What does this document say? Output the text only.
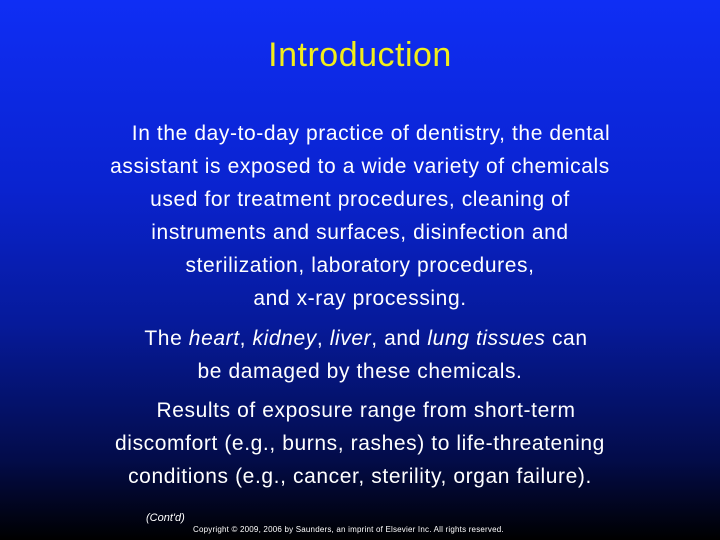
Introduction
In the day-to-day practice of dentistry, the dental
assistant is exposed to a wide variety of chemicals
used for treatment procedures, cleaning of
instruments and surfaces, disinfection and
sterilization, laboratory procedures,
and x-ray processing.
The heart, kidney, liver, and lung tissues can
be damaged by these chemicals.
Results of exposure range from short-term
discomfort (e.g., burns, rashes) to life-threatening
conditions (e.g., cancer, sterility, organ failure).
(Cont'd)
Copyright © 2009, 2006 by Saunders, an imprint of Elsevier Inc. All rights reserved.
